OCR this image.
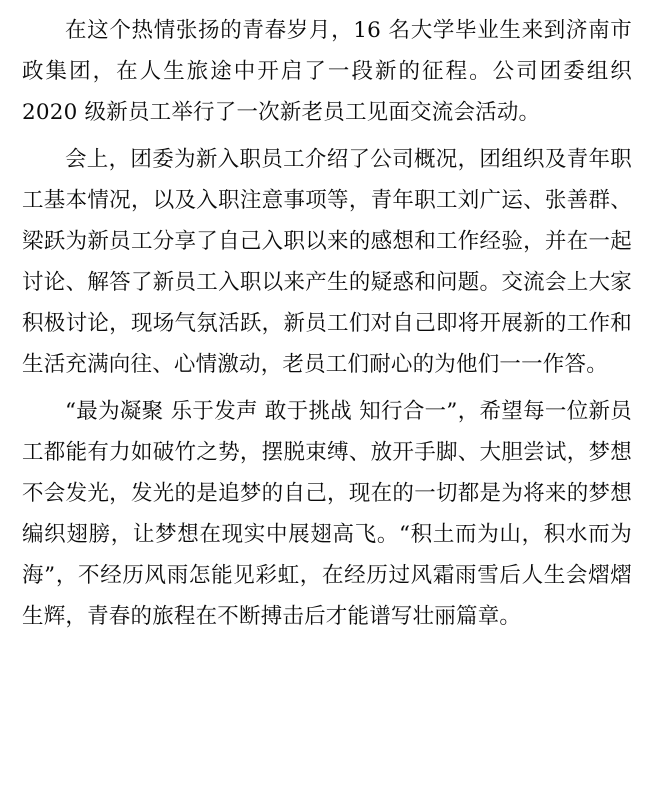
在这个热情张扬的青春岁月，16 名大学毕业生来到济南市政集团，在人生旅途中开启了一段新的征程。公司团委组织 2020 级新员工举行了一次新老员工见面交流会活动。

会上，团委为新入职员工介绍了公司概况，团组织及青年职工基本情况，以及入职注意事项等，青年职工刘广运、张善群、梁跃为新员工分享了自己入职以来的感想和工作经验，并在一起讨论、解答了新员工入职以来产生的疑惑和问题。交流会上大家积极讨论，现场气氛活跃，新员工们对自己即将开展新的工作和生活充满向往、心情激动，老员工们耐心的为他们一一作答。

“最为凝聚 乐于发声 敢于挑战 知行合一”，希望每一位新员工都能有力如破竹之势，摆脱束缚、放开手脚、大胆尝试，梦想不会发光，发光的是追梦的自己，现在的一切都是为将来的梦想编织翅膀，让梦想在现实中展翅高飞。“积土而为山，积水而为海”，不经历风雨怎能见彩虹，在经历过风霜雨雪后人生会熠熠生辉，青春的旅程在不断搏击后才能谱写壮丽篇章。
